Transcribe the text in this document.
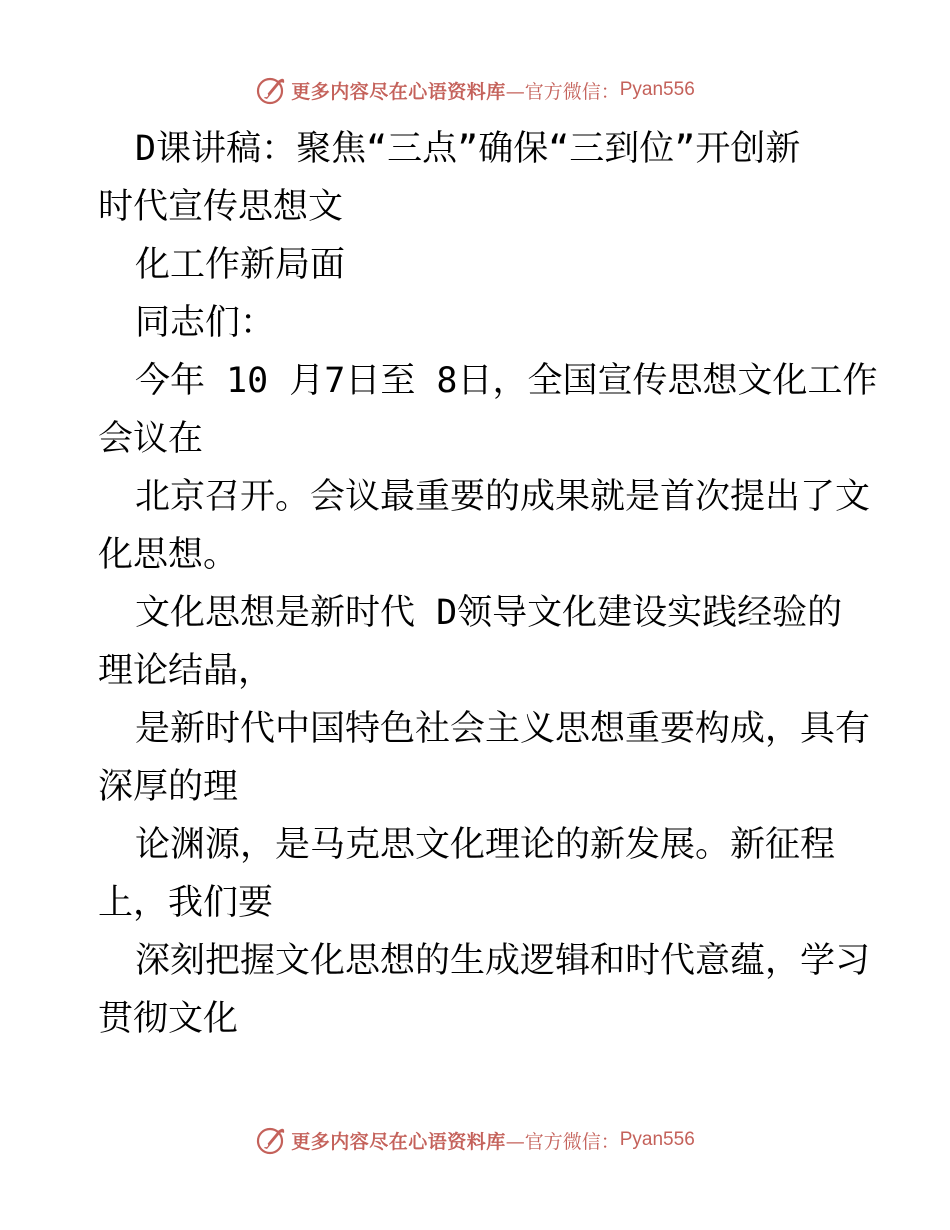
更多内容尽在心语资料库 —官方微信： Pyan556
D课讲稿：聚焦“三点”确保“三到位”开创新
时代宣传思想文
化工作新局面
同志们：
今年 10 月7日至 8日，全国宣传思想文化工作
会议在
北京召开。会议最重要的成果就是首次提出了文
化思想。
文化思想是新时代 D领导文化建设实践经验的
理论结晶，
是新时代中国特色社会主义思想重要构成，具有
深厚的理
论渊源，是马克思文化理论的新发展。新征程
上，我们要
深刻把握文化思想的生成逻辑和时代意蕴，学习
贯彻文化
更多内容尽在心语资料库 —官方微信： Pyan556
